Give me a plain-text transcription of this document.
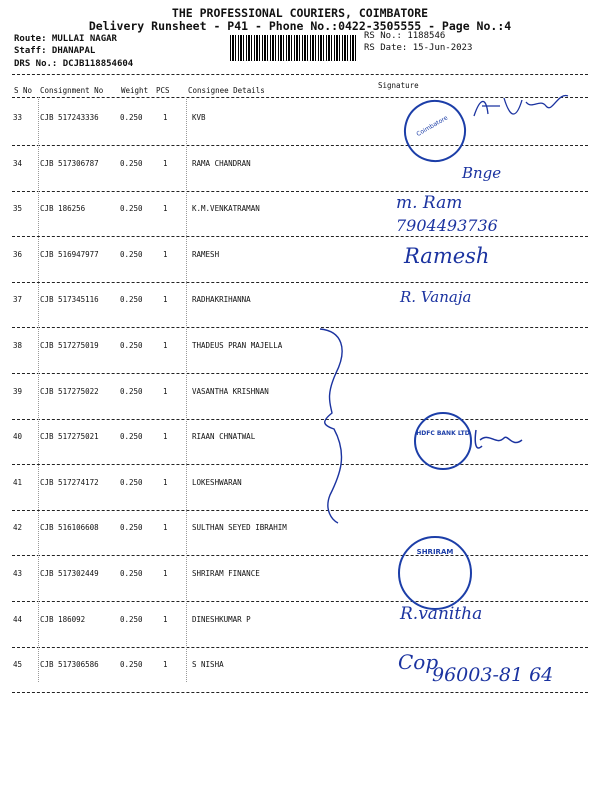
THE PROFESSIONAL COURIERS, COIMBATORE
Delivery Runsheet - P41 - Phone No.:0422-3505555 - Page No.:4
Route: MULLAI NAGAR
Staff: DHANAPAL
DRS No.: DCJB118854604
RS No.: 1188546
RS Date: 15-Jun-2023
S No Consignment No Weight PCS Consignee Details
Signature
33 CJB 517243336	0.250	1	KVB
34 CJB 517306787	0.250	1	RAMA CHANDRAN
35 CJB 186256	0.250	1	K.M.VENKATRAMAN
36 CJB 516947977	0.250	1	RAMESH
37 CJB 517345116	0.250	1	RADHAKRIHANNA
38 CJB 517275019	0.250	1	THADEUS PRAN MAJELLA
39 CJB 517275022	0.250	1	VASANTHA KRISHNAN
40 CJB 517275021	0.250	1	RIAAN CHNATWAL
41 CJB 517274172	0.250	1	LOKESHWARAN
42 CJB 516106608	0.250	1	SULTHAN SEYED IBRAHIM
43 CJB 517302449	0.250	1	SHRIRAM FINANCE
44 CJB 186092	0.250	1	DINESHKUMAR P
45 CJB 517306586	0.250	1	S NISHA
Coimbatore
HDFC BANK LTD
SHRIRAM
Bnge
m. Ram
7904493736
Ramesh
R. Vanaja
R.vanitha
Cop
96003-81 64
